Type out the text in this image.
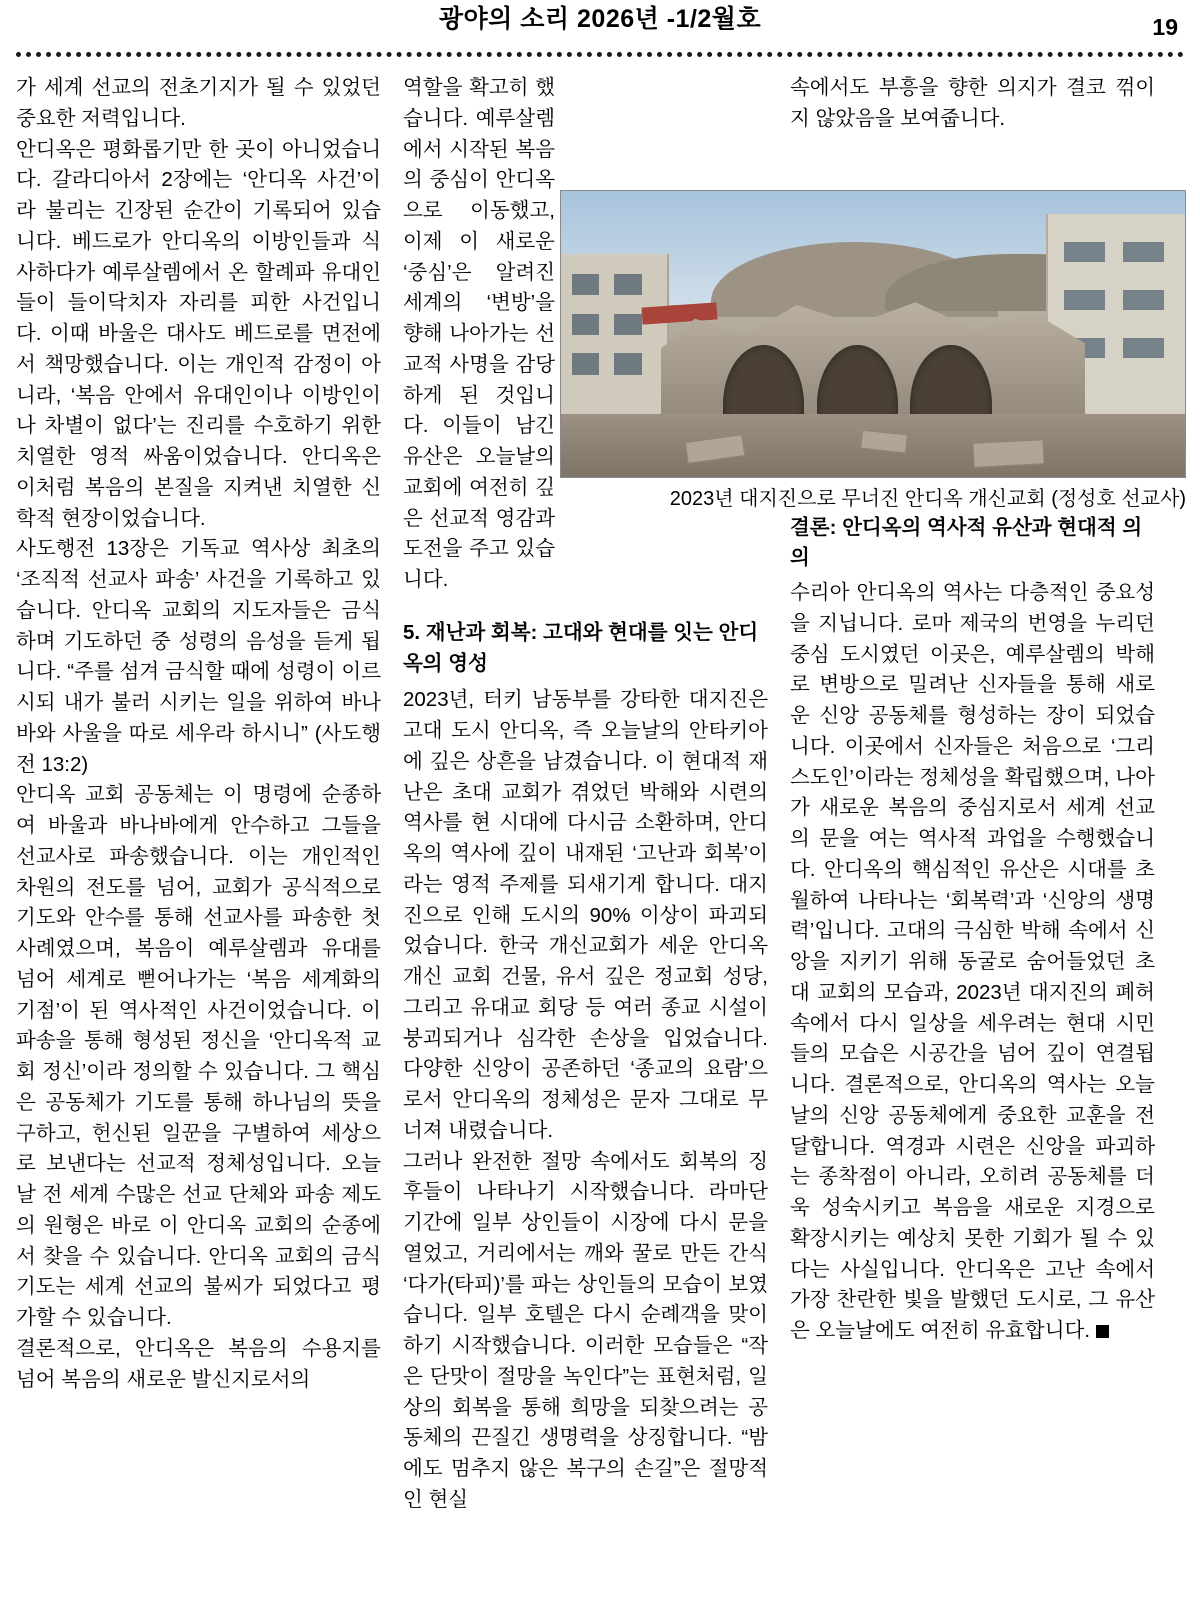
광야의 소리 2026년 -1/2월호	19
2023년 대지진으로 무너진 안디옥 개신교회 (정성호 선교사)

가 세계 선교의 전초기지가 될 수 있었던 중요한 저력입니다.

안디옥은 평화롭기만 한 곳이 아니었습니다. 갈라디아서 2장에는 ‘안디옥 사건’이라 불리는 긴장된 순간이 기록되어 있습니다. 베드로가 안디옥의 이방인들과 식사하다가 예루살렘에서 온 할례파 유대인들이 들이닥치자 자리를 피한 사건입니다. 이때 바울은 대사도 베드로를 면전에서 책망했습니다. 이는 개인적 감정이 아니라, ‘복음 안에서 유대인이나 이방인이나 차별이 없다’는 진리를 수호하기 위한 치열한 영적 싸움이었습니다. 안디옥은 이처럼 복음의 본질을 지켜낸 치열한 신학적 현장이었습니다.

사도행전 13장은 기독교 역사상 최초의 ‘조직적 선교사 파송’ 사건을 기록하고 있습니다. 안디옥 교회의 지도자들은 금식하며 기도하던 중 성령의 음성을 듣게 됩니다. “주를 섬겨 금식할 때에 성령이 이르시되 내가 불러 시키는 일을 위하여 바나바와 사울을 따로 세우라 하시니” (사도행전 13:2)

안디옥 교회 공동체는 이 명령에 순종하여 바울과 바나바에게 안수하고 그들을 선교사로 파송했습니다. 이는 개인적인 차원의 전도를 넘어, 교회가 공식적으로 기도와 안수를 통해 선교사를 파송한 첫 사례였으며, 복음이 예루살렘과 유대를 넘어 세계로 뻗어나가는 ‘복음 세계화의 기점’이 된 역사적인 사건이었습니다. 이 파송을 통해 형성된 정신을 ‘안디옥적 교회 정신’이라 정의할 수 있습니다. 그 핵심은 공동체가 기도를 통해 하나님의 뜻을 구하고, 헌신된 일꾼을 구별하여 세상으로 보낸다는 선교적 정체성입니다. 오늘날 전 세계 수많은 선교 단체와 파송 제도의 원형은 바로 이 안디옥 교회의 순종에서 찾을 수 있습니다. 안디옥 교회의 금식기도는 세계 선교의 불씨가 되었다고 평가할 수 있습니다.

결론적으로, 안디옥은 복음의 수용지를 넘어 복음의 새로운 발신지로서의

역할을 확고히 했습니다. 예루살렘에서 시작된 복음의 중심이 안디옥으로 이동했고, 이제 이 새로운 ‘중심’은 알려진 세계의 ‘변방’을 향해 나아가는 선교적 사명을 감당하게 된 것입니다. 이들이 남긴 유산은 오늘날의 교회에 여전히 깊은 선교적 영감과 도전을 주고 있습니다.

5. 재난과 회복: 고대와 현대를 잇는 안디옥의 영성

2023년, 터키 남동부를 강타한 대지진은 고대 도시 안디옥, 즉 오늘날의 안타키아에 깊은 상흔을 남겼습니다. 이 현대적 재난은 초대 교회가 겪었던 박해와 시련의 역사를 현 시대에 다시금 소환하며, 안디옥의 역사에 깊이 내재된 ‘고난과 회복’이라는 영적 주제를 되새기게 합니다. 대지진으로 인해 도시의 90% 이상이 파괴되었습니다. 한국 개신교회가 세운 안디옥 개신 교회 건물, 유서 깊은 정교회 성당, 그리고 유대교 회당 등 여러 종교 시설이 붕괴되거나 심각한 손상을 입었습니다. 다양한 신앙이 공존하던 ‘종교의 요람’으로서 안디옥의 정체성은 문자 그대로 무너져 내렸습니다.

그러나 완전한 절망 속에서도 회복의 징후들이 나타나기 시작했습니다. 라마단 기간에 일부 상인들이 시장에 다시 문을 열었고, 거리에서는 깨와 꿀로 만든 간식 ‘다가(타피)’를 파는 상인들의 모습이 보였습니다. 일부 호텔은 다시 순례객을 맞이하기 시작했습니다. 이러한 모습들은 “작은 단맛이 절망을 녹인다”는 표현처럼, 일상의 회복을 통해 희망을 되찾으려는 공동체의 끈질긴 생명력을 상징합니다. “밤에도 멈추지 않은 복구의 손길”은 절망적인 현실

속에서도 부흥을 향한 의지가 결코 꺾이지 않았음을 보여줍니다.

결론: 안디옥의 역사적 유산과 현대적 의의

수리아 안디옥의 역사는 다층적인 중요성을 지닙니다. 로마 제국의 번영을 누리던 중심 도시였던 이곳은, 예루살렘의 박해로 변방으로 밀려난 신자들을 통해 새로운 신앙 공동체를 형성하는 장이 되었습니다. 이곳에서 신자들은 처음으로 ‘그리스도인’이라는 정체성을 확립했으며, 나아가 새로운 복음의 중심지로서 세계 선교의 문을 여는 역사적 과업을 수행했습니다. 안디옥의 핵심적인 유산은 시대를 초월하여 나타나는 ‘회복력’과 ‘신앙의 생명력’입니다. 고대의 극심한 박해 속에서 신앙을 지키기 위해 동굴로 숨어들었던 초대 교회의 모습과, 2023년 대지진의 폐허 속에서 다시 일상을 세우려는 현대 시민들의 모습은 시공간을 넘어 깊이 연결됩니다. 결론적으로, 안디옥의 역사는 오늘날의 신앙 공동체에게 중요한 교훈을 전달합니다. 역경과 시련은 신앙을 파괴하는 종착점이 아니라, 오히려 공동체를 더욱 성숙시키고 복음을 새로운 지경으로 확장시키는 예상치 못한 기회가 될 수 있다는 사실입니다. 안디옥은 고난 속에서 가장 찬란한 빛을 발했던 도시로, 그 유산은 오늘날에도 여전히 유효합니다.
